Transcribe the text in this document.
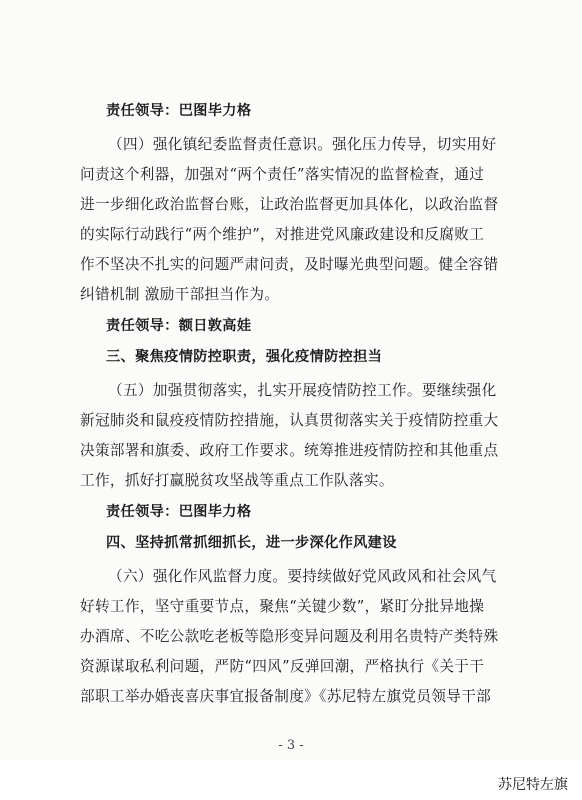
责任领导：巴图毕力格
（四）强化镇纪委监督责任意识。强化压力传导，切实用好
问责这个利器，加强对“两个责任”落实情况的监督检查，通过
进一步细化政治监督台账，让政治监督更加具体化，以政治监督
的实际行动践行“两个维护”，对推进党风廉政建设和反腐败工
作不坚决不扎实的问题严肃问责，及时曝光典型问题。健全容错
纠错机制 激励干部担当作为。
责任领导：额日敦高娃
三、聚焦疫情防控职责，强化疫情防控担当
（五）加强贯彻落实，扎实开展疫情防控工作。要继续强化
新冠肺炎和鼠疫疫情防控措施，认真贯彻落实关于疫情防控重大
决策部署和旗委、政府工作要求。统筹推进疫情防控和其他重点
工作，抓好打赢脱贫攻坚战等重点工作队落实。
责任领导：巴图毕力格
四、坚持抓常抓细抓长，进一步深化作风建设
（六）强化作风监督力度。要持续做好党风政风和社会风气
好转工作，坚守重要节点，聚焦“关键少数”，紧盯分批异地操
办酒席、不吃公款吃老板等隐形变异问题及利用名贵特产类特殊
资源谋取私利问题，严防“四风”反弹回潮，严格执行《关于干
部职工举办婚丧喜庆事宜报备制度》《苏尼特左旗党员领导干部
- 3 -
苏尼特左旗
